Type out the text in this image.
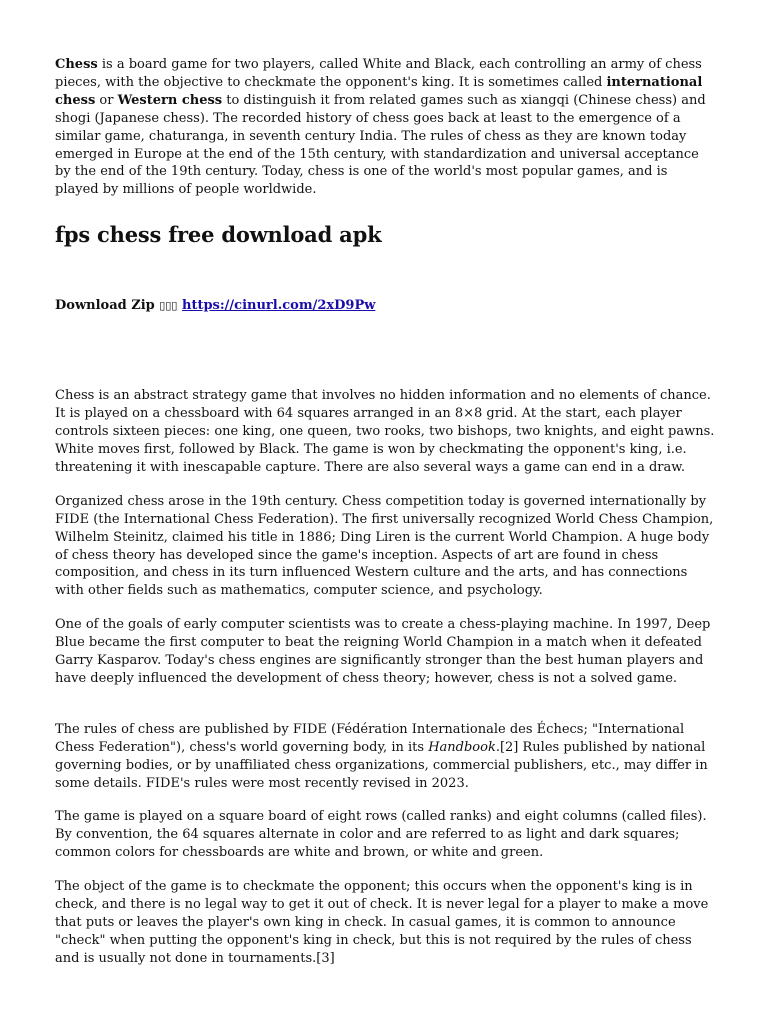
Chess is a board game for two players, called White and Black, each controlling an army of chess pieces, with the objective to checkmate the opponent's king. It is sometimes called international chess or Western chess to distinguish it from related games such as xiangqi (Chinese chess) and shogi (Japanese chess). The recorded history of chess goes back at least to the emergence of a similar game, chaturanga, in seventh century India. The rules of chess as they are known today emerged in Europe at the end of the 15th century, with standardization and universal acceptance by the end of the 19th century. Today, chess is one of the world's most popular games, and is played by millions of people worldwide.

fps chess free download apk
Download Zip ▯▯▯ https://cinurl.com/2xD9Pw

Chess is an abstract strategy game that involves no hidden information and no elements of chance. It is played on a chessboard with 64 squares arranged in an 8×8 grid. At the start, each player controls sixteen pieces: one king, one queen, two rooks, two bishops, two knights, and eight pawns. White moves first, followed by Black. The game is won by checkmating the opponent's king, i.e. threatening it with inescapable capture. There are also several ways a game can end in a draw.

Organized chess arose in the 19th century. Chess competition today is governed internationally by FIDE (the International Chess Federation). The first universally recognized World Chess Champion, Wilhelm Steinitz, claimed his title in 1886; Ding Liren is the current World Champion. A huge body of chess theory has developed since the game's inception. Aspects of art are found in chess composition, and chess in its turn influenced Western culture and the arts, and has connections with other fields such as mathematics, computer science, and psychology.

One of the goals of early computer scientists was to create a chess-playing machine. In 1997, Deep Blue became the first computer to beat the reigning World Champion in a match when it defeated Garry Kasparov. Today's chess engines are significantly stronger than the best human players and have deeply influenced the development of chess theory; however, chess is not a solved game.

The rules of chess are published by FIDE (Fédération Internationale des Échecs; "International Chess Federation"), chess's world governing body, in its Handbook.[2] Rules published by national governing bodies, or by unaffiliated chess organizations, commercial publishers, etc., may differ in some details. FIDE's rules were most recently revised in 2023.

The game is played on a square board of eight rows (called ranks) and eight columns (called files). By convention, the 64 squares alternate in color and are referred to as light and dark squares; common colors for chessboards are white and brown, or white and green.

The object of the game is to checkmate the opponent; this occurs when the opponent's king is in check, and there is no legal way to get it out of check. It is never legal for a player to make a move that puts or leaves the player's own king in check. In casual games, it is common to announce "check" when putting the opponent's king in check, but this is not required by the rules of chess and is usually not done in tournaments.[3]
